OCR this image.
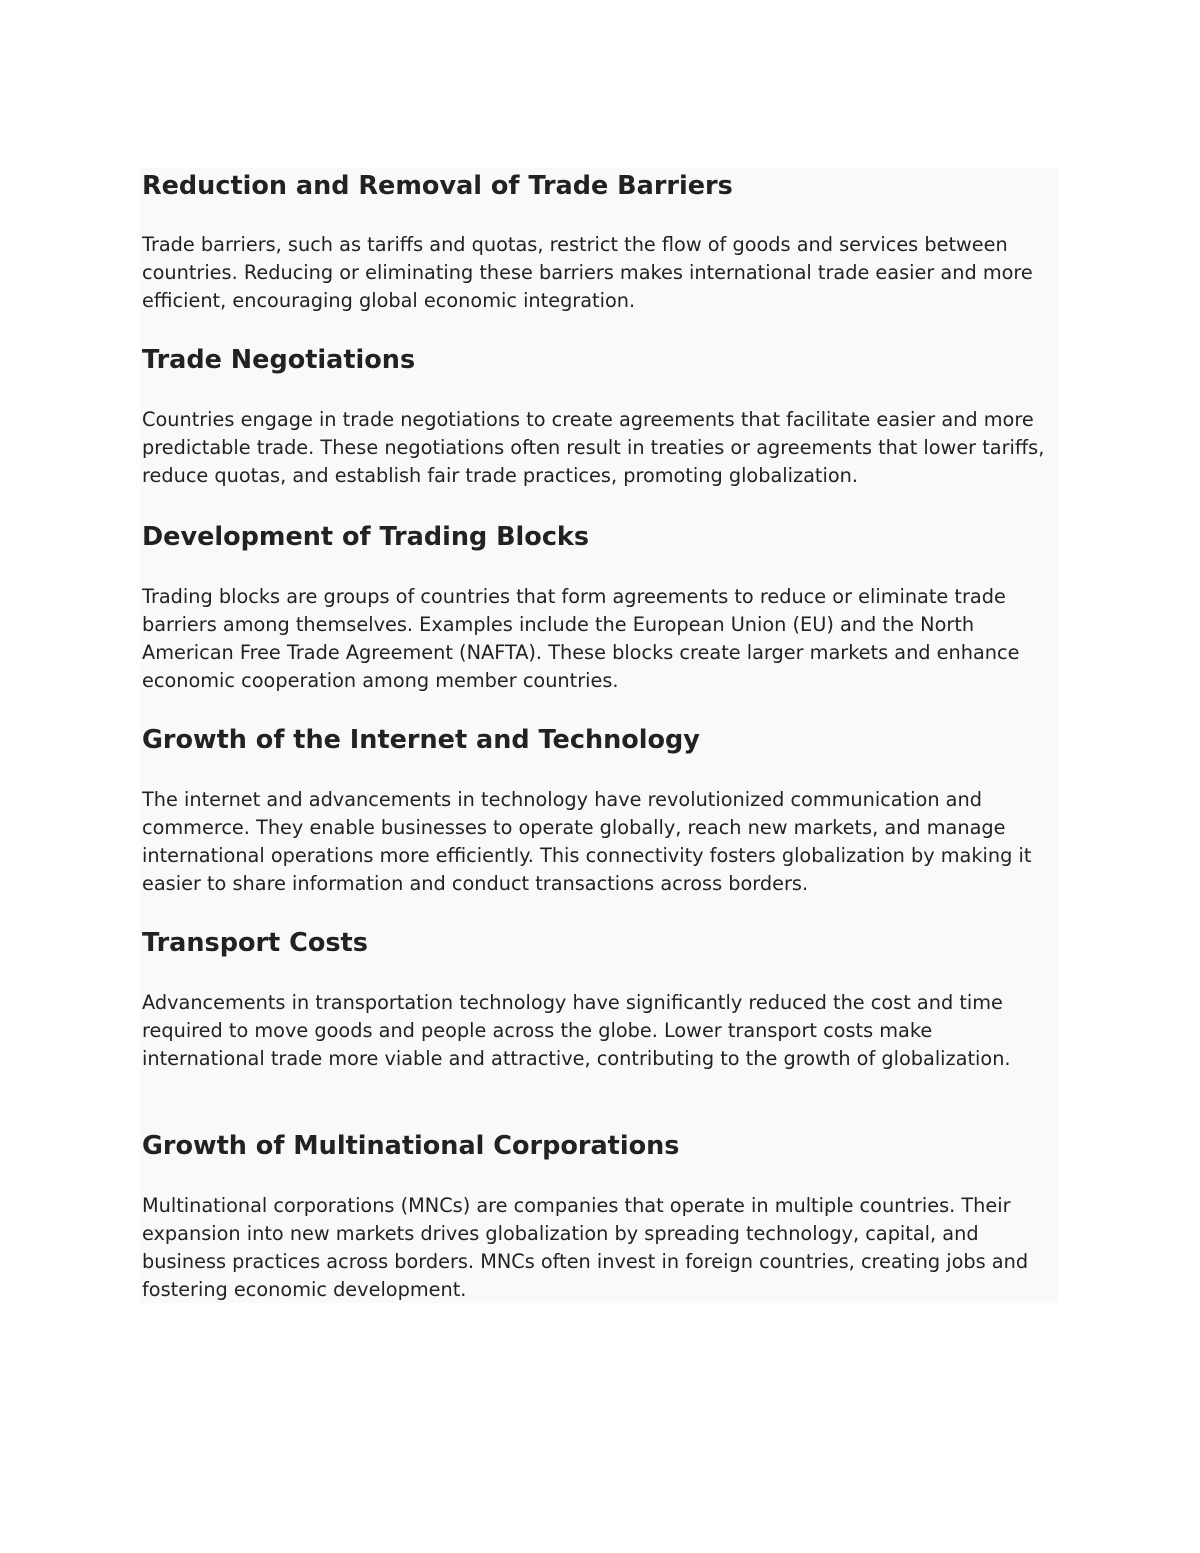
Reduction and Removal of Trade Barriers

Trade barriers, such as tariffs and quotas, restrict the flow of goods and services between countries. Reducing or eliminating these barriers makes international trade easier and more efficient, encouraging global economic integration.

Trade Negotiations

Countries engage in trade negotiations to create agreements that facilitate easier and more predictable trade. These negotiations often result in treaties or agreements that lower tariffs, reduce quotas, and establish fair trade practices, promoting globalization.

Development of Trading Blocks

Trading blocks are groups of countries that form agreements to reduce or eliminate trade barriers among themselves. Examples include the European Union (EU) and the North American Free Trade Agreement (NAFTA). These blocks create larger markets and enhance economic cooperation among member countries.

Growth of the Internet and Technology

The internet and advancements in technology have revolutionized communication and commerce. They enable businesses to operate globally, reach new markets, and manage international operations more efficiently. This connectivity fosters globalization by making it easier to share information and conduct transactions across borders.

Transport Costs

Advancements in transportation technology have significantly reduced the cost and time required to move goods and people across the globe. Lower transport costs make international trade more viable and attractive, contributing to the growth of globalization.

Growth of Multinational Corporations

Multinational corporations (MNCs) are companies that operate in multiple countries. Their expansion into new markets drives globalization by spreading technology, capital, and business practices across borders. MNCs often invest in foreign countries, creating jobs and fostering economic development.
